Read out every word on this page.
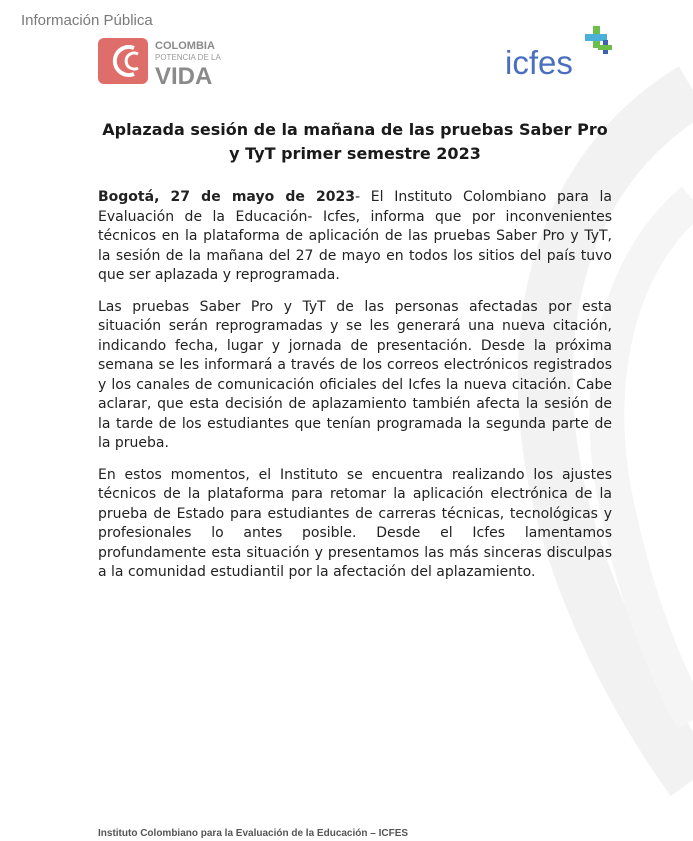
Información Pública
COLOMBIA
POTENCIA DE LA
VIDA	icfes
Aplazada sesión de la mañana de las pruebas Saber Pro
y TyT primer semestre 2023

Bogotá, 27 de mayo de 2023- El Instituto Colombiano para la Evaluación de la Educación- Icfes, informa que por inconvenientes técnicos en la plataforma de aplicación de las pruebas Saber Pro y TyT, la sesión de la mañana del 27 de mayo en todos los sitios del país tuvo que ser aplazada y reprogramada.

Las pruebas Saber Pro y TyT de las personas afectadas por esta situación serán reprogramadas y se les generará una nueva citación, indicando fecha, lugar y jornada de presentación. Desde la próxima semana se les informará a través de los correos electrónicos registrados y los canales de comunicación oficiales del Icfes la nueva citación. Cabe aclarar, que esta decisión de aplazamiento también afecta la sesión de la tarde de los estudiantes que tenían programada la segunda parte de la prueba.

En estos momentos, el Instituto se encuentra realizando los ajustes técnicos de la plataforma para retomar la aplicación electrónica de la prueba de Estado para estudiantes de carreras técnicas, tecnológicas y profesionales lo antes posible. Desde el Icfes lamentamos profundamente esta situación y presentamos las más sinceras disculpas a la comunidad estudiantil por la afectación del aplazamiento.

Instituto Colombiano para la Evaluación de la Educación – ICFES
